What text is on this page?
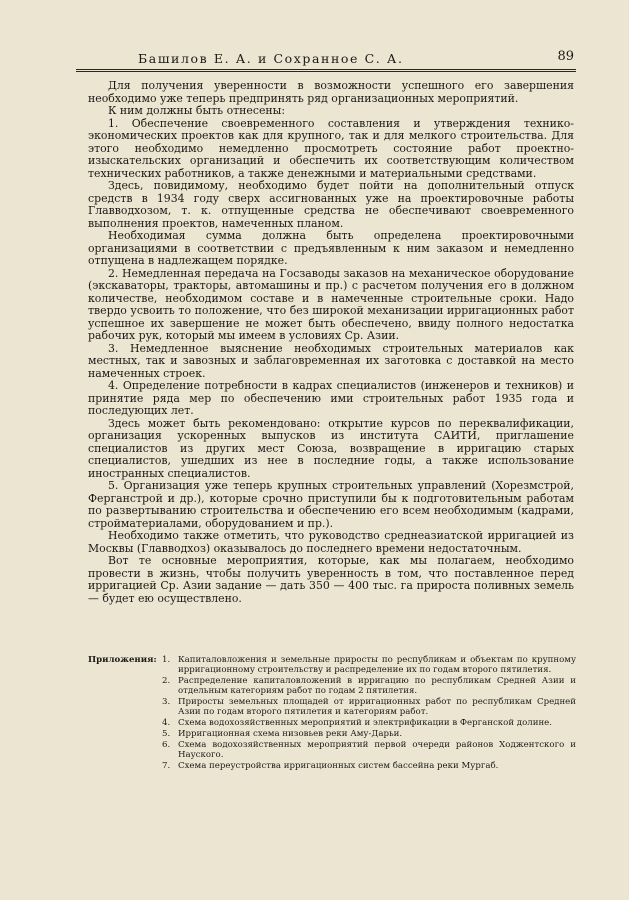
Башилов Е. А. и Сохранное С. А.	89

Для получения уверенности в возможности успешного его завершения необходимо уже теперь предпринять ряд организационных мероприятий.

К ним должны быть отнесены:

1. Обеспечение своевременного составления и утверждения технико-экономических проектов как для крупного, так и для мелкого строительства. Для этого необходимо немедленно просмотреть состояние работ проектно-изыскательских организаций и обеспечить их соответствующим количеством технических работников, а также денежными и материальными средствами.

Здесь, повидимому, необходимо будет пойти на дополнительный отпуск средств в 1934 году сверх ассигнованных уже на проектировочные работы Главводхозом, т. к. отпущенные средства не обеспечивают своевременного выполнения проектов, намеченных планом.

Необходимая сумма должна быть определена проектировочными организациями в соответствии с предъявленным к ним заказом и немедленно отпущена в надлежащем порядке.

2. Немедленная передача на Госзаводы заказов на механическое оборудование (экскаваторы, тракторы, автомашины и пр.) с расчетом получения его в должном количестве, необходимом составе и в намеченные строительные сроки. Надо твердо усвоить то положение, что без широкой механизации ирригационных работ успешное их завершение не может быть обеспечено, ввиду полного недостатка рабочих рук, который мы имеем в условиях Ср. Азии.

3. Немедленное выяснение необходимых строительных материалов как местных, так и завозных и заблаговременная их заготовка с доставкой на место намеченных строек.

4. Определение потребности в кадрах специалистов (инженеров и техников) и принятие ряда мер по обеспечению ими строительных работ 1935 года и последующих лет.

Здесь может быть рекомендовано: открытие курсов по переквалификации, организация ускоренных выпусков из института САИТИ, приглашение специалистов из других мест Союза, возвращение в ирригацию старых специалистов, ушедших из нее в последние годы, а также использование иностранных специалистов.

5. Организация уже теперь крупных строительных управлений (Хорезмстрой, Ферганстрой и др.), которые срочно приступили бы к подготовительным работам по развертыванию строительства и обеспечению его всем необходимым (кадрами, стройматериалами, оборудованием и пр.).

Необходимо также отметить, что руководство среднеазиатской ирригацией из Москвы (Главводхоз) оказывалось до последнего времени недостаточным.

Вот те основные мероприятия, которые, как мы полагаем, необходимо провести в жизнь, чтобы получить уверенность в том, что поставленное перед ирригацией Ср. Азии задание — дать 350 — 400 тыс. га прироста поливных земель — будет ею осуществлено.

Приложения: 1. Капиталовложения и земельные приросты по республикам и объектам по крупному ирригационному строительству и распределение их по годам второго пятилетия.
2. Распределение капиталовложений в ирригацию по республикам Средней Азии и отдельным категориям работ по годам 2 пятилетия.
3. Приросты земельных площадей от ирригационных работ по республикам Средней Азии по годам второго пятилетия и категориям работ.
4. Схема водохозяйственных мероприятий и электрификации в Ферганской долине.
5. Ирригационная схема низовьев реки Аму-Дарьи.
6. Схема водохозяйственных мероприятий первой очереди районов Ходжентского и Науского.
7. Схема переустройства ирригационных систем бассейна реки Мургаб.
